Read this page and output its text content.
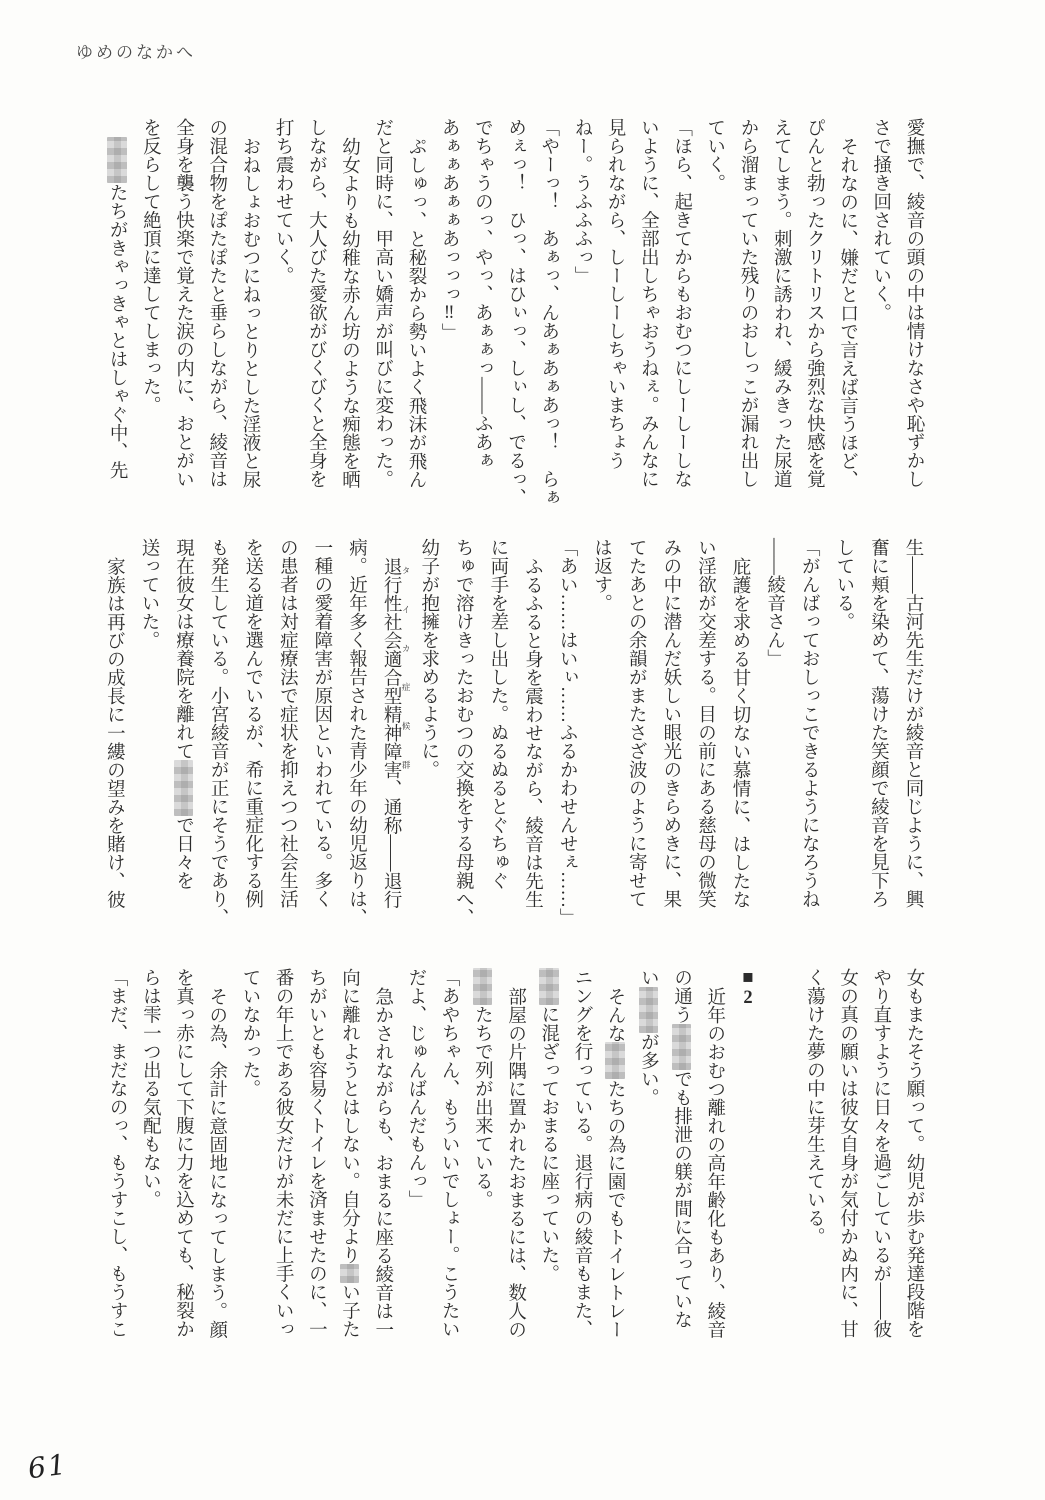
ゆめのなかへ

愛撫で、綾音の頭の中は情けなさや恥ずかし

さで掻き回されていく。

それなのに、嫌だと口で言えば言うほど、

ぴんと勃ったクリトリスから強烈な快感を覚

えてしまう。刺激に誘われ、緩みきった尿道

から溜まっていた残りのおしっこが漏れ出し

ていく。

「ほら、起きてからもおむつにしーしーしな

いように、全部出しちゃおうねぇ。みんなに

見られながら、しーしーしちゃいまちょう

ねー。うふふふっ」

「やーっ！　あぁっ、んあぁあぁあっ！　らぁ

めぇっ！　ひっ、はひぃっ、しぃし、でるっ、

でちゃうのっ、やっ、あぁぁっ——ふあぁ

あぁぁあぁぁあっっっ‼」

ぷしゅっ、と秘裂から勢いよく飛沫が飛ん

だと同時に、甲高い嬌声が叫びに変わった。

幼女よりも幼稚な赤ん坊のような痴態を晒

しながら、大人びた愛欲がびくびくと全身を

打ち震わせていく。

おねしょおむつにねっとりとした淫液と尿

の混合物をぽたぽたと垂らしながら、綾音は

全身を襲う快楽で覚えた涙の内に、おとがい

を反らして絶頂に達してしまった。

たちがきゃっきゃとはしゃぐ中、先

生——古河先生だけが綾音と同じように、興

奮に頬を染めて、蕩けた笑顔で綾音を見下ろ

している。

「がんばっておしっこできるようになろうね

——綾音さん」

庇護を求める甘く切ない慕情に、はしたな

い淫欲が交差する。目の前にある慈母の微笑

みの中に潜んだ妖しい眼光のきらめきに、果

てたあとの余韻がまたさざ波のように寄せて

は返す。

「あい……はいぃ……ふるかわせんせぇ……」

ふるふると身を震わせながら、綾音は先生

に両手を差し出した。ぬるぬるとぐちゅぐ

ちゅで溶けきったおむつの交換をする母親へ、

幼子が抱擁を求めるように。

退行性社会適合型精神障害 タイカ症候群、通称——退行

病。近年多く報告された青少年の幼児返りは、

一種の愛着障害が原因といわれている。多く

の患者は対症療法で症状を抑えつつ社会生活

を送る道を選んでいるが、希に重症化する例

も発生している。小宮綾音が正にそうであり、

現在彼女は療養院を離れてで日々を

送っていた。

家族は再びの成長に一縷の望みを賭け、彼

女もまたそう願って。幼児が歩む発達段階を

やり直すように日々を過ごしているが——彼

女の真の願いは彼女自身が気付かぬ内に、甘

く蕩けた夢の中に芽生えている。

■2

近年のおむつ離れの高年齢化もあり、綾音

の通うでも排泄の躾が間に合っていな

いが多い。

そんなたちの為に園でもトイレトレー

ニングを行っている。退行病の綾音もまた、

に混ざっておまるに座っていた。

部屋の片隅に置かれたおまるには、数人の

たちで列が出来ている。

「あやちゃん、もういいでしょー。こうたい

だよ、じゅんばんだもんっ」

急かされながらも、おまるに座る綾音は一

向に離れようとはしない。自分よりい子た

ちがいとも容易くトイレを済ませたのに、一

番の年上である彼女だけが未だに上手くいっ

ていなかった。

その為、余計に意固地になってしまう。顔

を真っ赤にして下腹に力を込めても、秘裂か

らは雫一つ出る気配もない。

「まだ、まだなのっ、もうすこし、もうすこ

61
